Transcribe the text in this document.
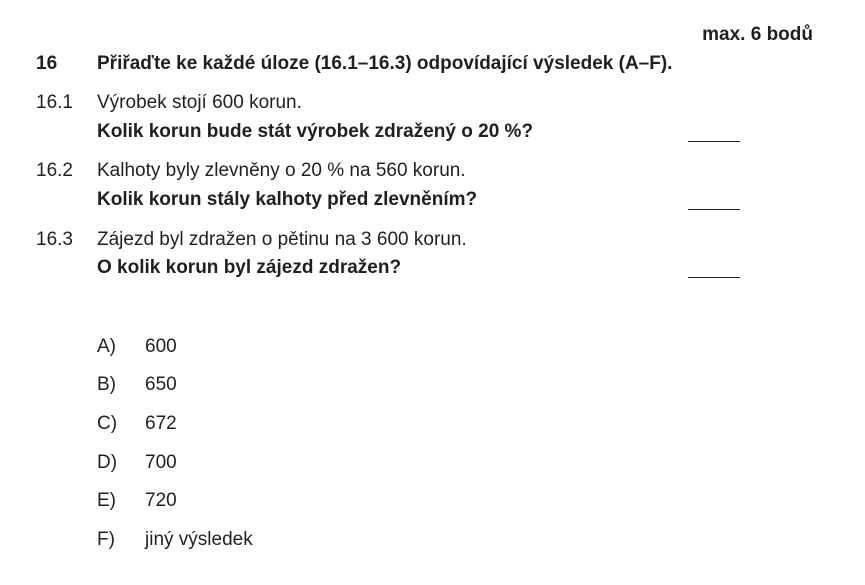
max. 6 bodů
16 Přiřaďte ke každé úloze (16.1–16.3) odpovídající výsledek (A–F).
16.1 Výrobek stojí 600 korun.
Kolik korun bude stát výrobek zdražený o 20 %?
16.2 Kalhoty byly zlevněny o 20 % na 560 korun.
Kolik korun stály kalhoty před zlevněním?
16.3 Zájezd byl zdražen o pětinu na 3 600 korun.
O kolik korun byl zájezd zdražen?
A) 600
B) 650
C) 672
D) 700
E) 720
F) jiný výsledek
